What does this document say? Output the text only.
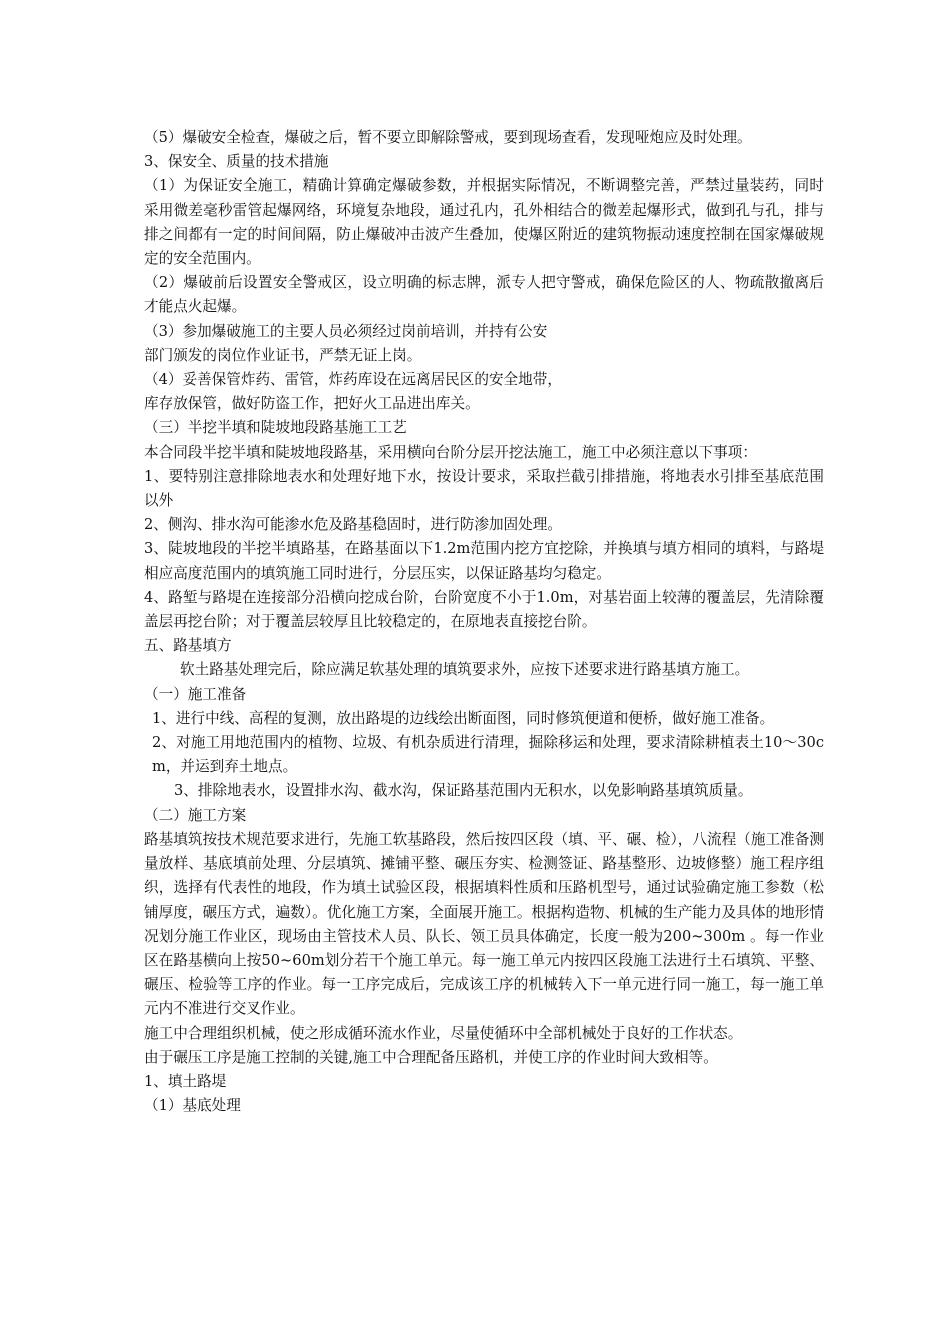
（5）爆破安全检查，爆破之后，暂不要立即解除警戒，要到现场查看，发现哑炮应及时处理。

3、保安全、质量的技术措施

（1）为保证安全施工，精确计算确定爆破参数，并根据实际情况，不断调整完善，严禁过量装药，同时采用微差毫秒雷管起爆网络，环境复杂地段，通过孔内，孔外相结合的微差起爆形式，做到孔与孔，排与排之间都有一定的时间间隔，防止爆破冲击波产生叠加，使爆区附近的建筑物振动速度控制在国家爆破规定的安全范围内。

（2）爆破前后设置安全警戒区，设立明确的标志牌，派专人把守警戒，确保危险区的人、物疏散撤离后才能点火起爆。

（3）参加爆破施工的主要人员必须经过岗前培训，并持有公安

部门颁发的岗位作业证书，严禁无证上岗。

（4）妥善保管炸药、雷管，炸药库设在远离居民区的安全地带，

库存放保管，做好防盗工作，把好火工品进出库关。

（三）半挖半填和陡坡地段路基施工工艺

本合同段半挖半填和陡坡地段路基，采用横向台阶分层开挖法施工，施工中必须注意以下事项：

1、要特别注意排除地表水和处理好地下水，按设计要求，采取拦截引排措施，将地表水引排至基底范围以外

2、侧沟、排水沟可能渗水危及路基稳固时，进行防渗加固处理。

3、陡坡地段的半挖半填路基，在路基面以下1.2m范围内挖方宜挖除，并换填与填方相同的填料，与路堤相应高度范围内的填筑施工同时进行，分层压实，以保证路基均匀稳定。

4、路堑与路堤在连接部分沿横向挖成台阶，台阶宽度不小于1.0m，对基岩面上较薄的覆盖层，先清除覆盖层再挖台阶；对于覆盖层较厚且比较稳定的，在原地表直接挖台阶。

五、路基填方

软土路基处理完后，除应满足软基处理的填筑要求外，应按下述要求进行路基填方施工。

（一）施工准备

1、进行中线、高程的复测，放出路堤的边线绘出断面图，同时修筑便道和便桥，做好施工准备。

2、对施工用地范围内的植物、垃圾、有机杂质进行清理，掘除移运和处理，要求清除耕植表土10～30cm，并运到弃土地点。

3、排除地表水，设置排水沟、截水沟，保证路基范围内无积水，以免影响路基填筑质量。

（二）施工方案

路基填筑按技术规范要求进行，先施工软基路段，然后按四区段（填、平、碾、检），八流程（施工准备测量放样、基底填前处理、分层填筑、摊铺平整、碾压夯实、检测签证、路基整形、边坡修整）施工程序组织，选择有代表性的地段，作为填土试验区段，根据填料性质和压路机型号，通过试验确定施工参数（松铺厚度，碾压方式，遍数）。优化施工方案，全面展开施工。根据构造物、机械的生产能力及具体的地形情况划分施工作业区，现场由主管技术人员、队长、领工员具体确定，长度一般为200~300m 。每一作业区在路基横向上按50~60m划分若干个施工单元。每一施工单元内按四区段施工法进行土石填筑、平整、碾压、检验等工序的作业。每一工序完成后，完成该工序的机械转入下一单元进行同一施工，每一施工单元内不准进行交叉作业。

施工中合理组织机械，使之形成循环流水作业，尽量使循环中全部机械处于良好的工作状态。

由于碾压工序是施工控制的关键,施工中合理配备压路机，并使工序的作业时间大致相等。

1、填土路堤

（1）基底处理
